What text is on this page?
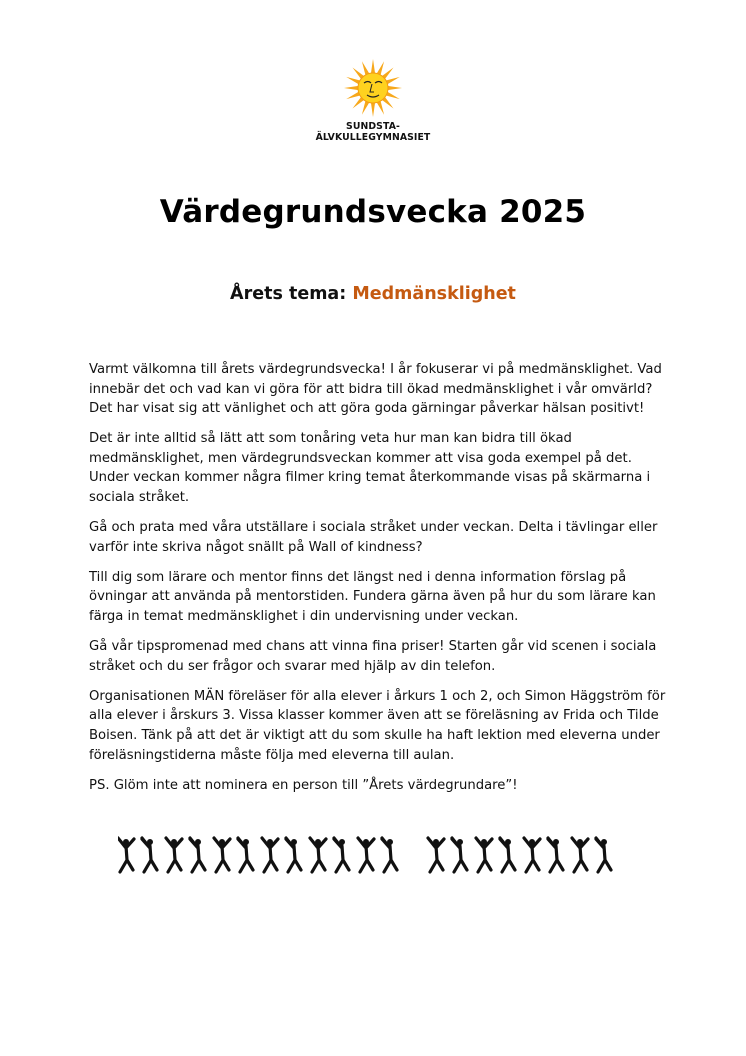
SUNDSTA-
ÄLVKULLEGYMNASIET
Värdegrundsvecka 2025
Årets tema: Medmänsklighet

Varmt välkomna till årets värdegrundsvecka! I år fokuserar vi på medmänsklighet. Vad innebär det och vad kan vi göra för att bidra till ökad medmänsklighet i vår omvärld? Det har visat sig att vänlighet och att göra goda gärningar påverkar hälsan positivt!

Det är inte alltid så lätt att som tonåring veta hur man kan bidra till ökad medmänsklighet, men värdegrundsveckan kommer att visa goda exempel på det. Under veckan kommer några filmer kring temat återkommande visas på skärmarna i sociala stråket.

Gå och prata med våra utställare i sociala stråket under veckan. Delta i tävlingar eller varför inte skriva något snällt på Wall of kindness?

Till dig som lärare och mentor finns det längst ned i denna information förslag på övningar att använda på mentorstiden. Fundera gärna även på hur du som lärare kan färga in temat medmänsklighet i din undervisning under veckan.

Gå vår tipspromenad med chans att vinna fina priser! Starten går vid scenen i sociala stråket och du ser frågor och svarar med hjälp av din telefon.

Organisationen MÄN föreläser för alla elever i årkurs 1 och 2, och Simon Häggström för alla elever i årskurs 3. Vissa klasser kommer även att se föreläsning av Frida och Tilde Boisen. Tänk på att det är viktigt att du som skulle ha haft lektion med eleverna under föreläsningstiderna måste följa med eleverna till aulan.

PS. Glöm inte att nominera en person till ”Årets värdegrundare”!
